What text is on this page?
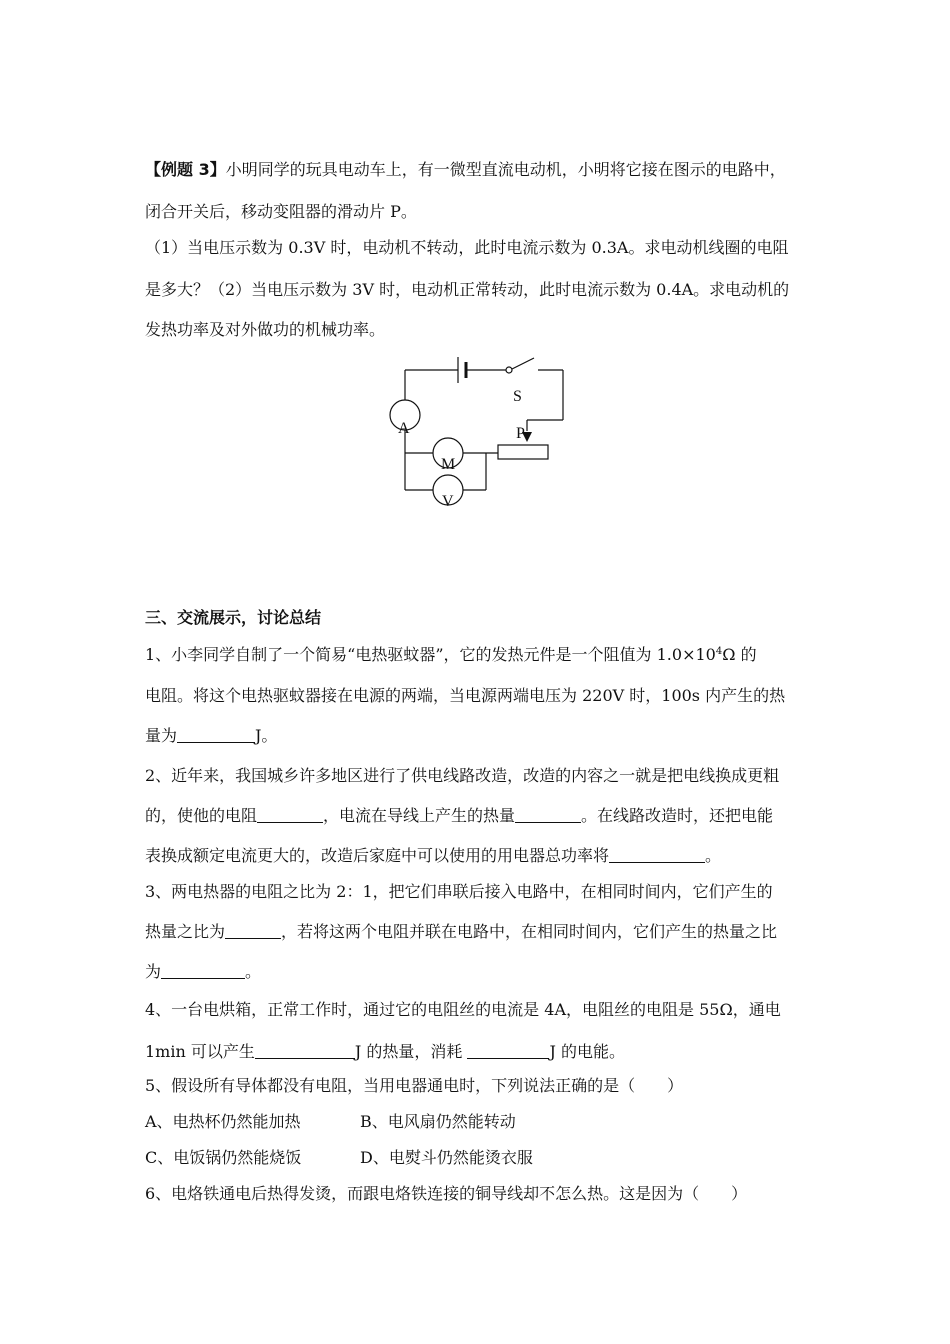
【例题 3】小明同学的玩具电动车上，有一微型直流电动机，小明将它接在图示的电路中，
闭合开关后，移动变阻器的滑动片 P。
（1）当电压示数为 0.3V 时，电动机不转动，此时电流示数为 0.3A。求电动机线圈的电阻
是多大？（2）当电压示数为 3V 时，电动机正常转动，此时电流示数为 0.4A。求电动机的
发热功率及对外做功的机械功率。
S
A	P
M
V
三、交流展示，讨论总结
1、小李同学自制了一个简易“电热驱蚊器”，它的发热元件是一个阻值为 $1.0\times 10^4\Omega$ 的
电阻。将这个电热驱蚊器接在电源的两端，当电源两端电压为 220V 时，100s 内产生的热
量为	J。
2、近年来，我国城乡许多地区进行了供电线路改造，改造的内容之一就是把电线换成更粗
的，使他的电阻	，电流在导线上产生的热量	。在线路改造时，还把电能
表换成额定电流更大的，改造后家庭中可以使用的用电器总功率将	。
3、两电热器的电阻之比为 2：1，把它们串联后接入电路中，在相同时间内，它们产生的
热量之比为	，若将这两个电阻并联在电路中，在相同时间内，它们产生的热量之比
为	。
4、一台电烘箱，正常工作时，通过它的电阻丝的电流是 4A，电阻丝的电阻是 55Ω，通电
1min 可以产生	J 的热量，消耗	J 的电能。
5、假设所有导体都没有电阻，当用电器通电时，下列说法正确的是（　　）
A、电热杯仍然能加热	B、电风扇仍然能转动
C、电饭锅仍然能烧饭	D、电熨斗仍然能烫衣服
6、电烙铁通电后热得发烫，而跟电烙铁连接的铜导线却不怎么热。这是因为（　　）
